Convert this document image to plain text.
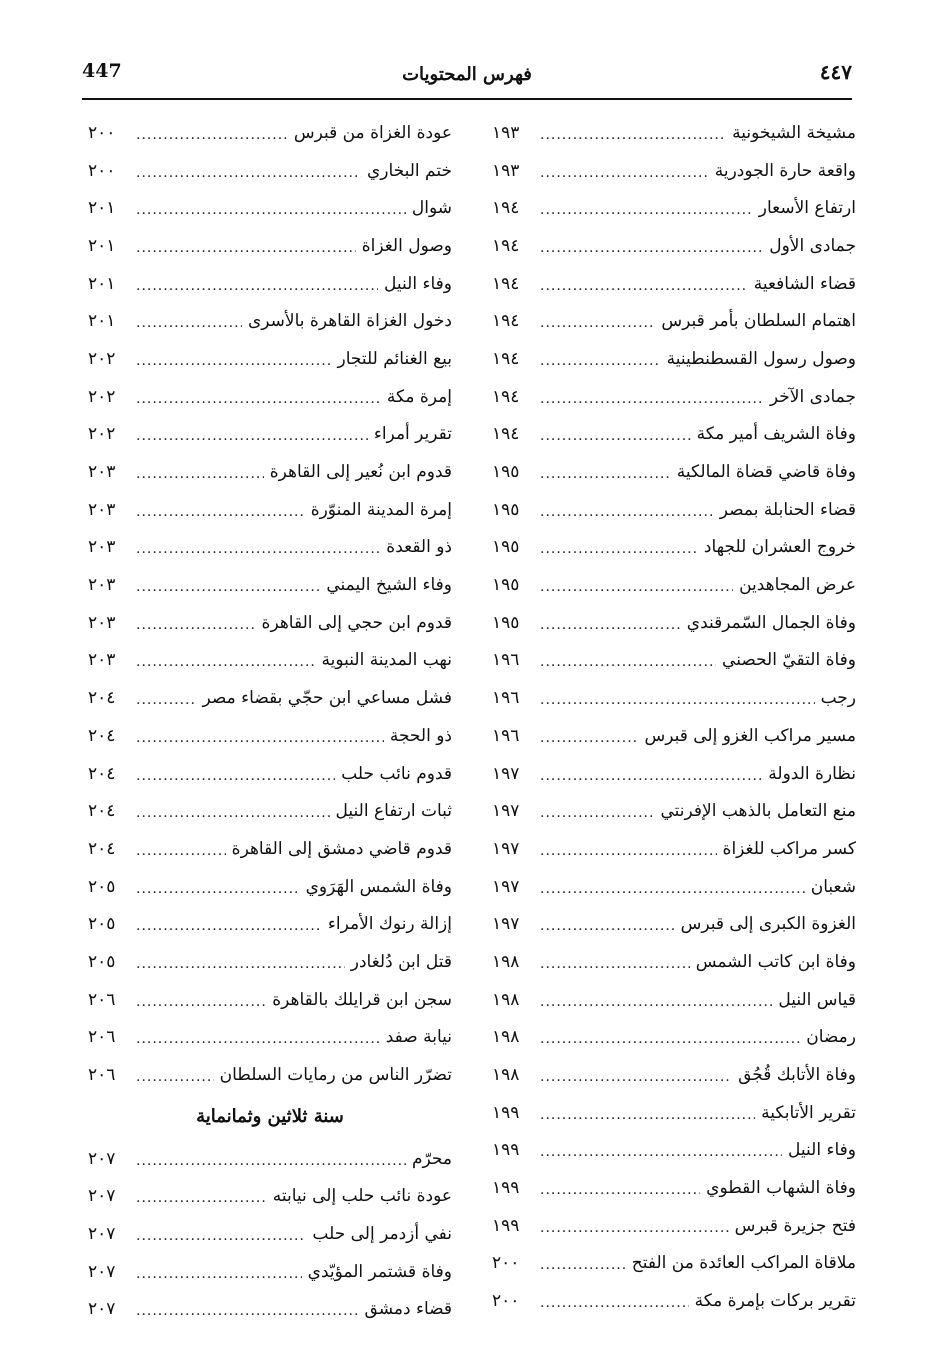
447	فهرس المحتويات	٤٤٧
مشيخة الشيخونية
.....
١٩٣
واقعة حارة الجودرية
.....
١٩٣
ارتفاع الأسعار
.....
١٩٤
جمادى الأول
.....
١٩٤
قضاء الشافعية
.....
١٩٤
اهتمام السلطان بأمر قبرس
.....
١٩٤
وصول رسول القسطنطينية
.....
١٩٤
جمادى الآخر
.....
١٩٤
وفاة الشريف أمير مكة
.....
١٩٤
وفاة قاضي قضاة المالكية
.....
١٩٥
قضاء الحنابلة بمصر
.....
١٩٥
خروج العشران للجهاد
.....
١٩٥
عرض المجاهدين
.....
١٩٥
وفاة الجمال السّمرقندي
.....
١٩٥
وفاة التقيّ الحصني
.....
١٩٦
رجب
.....
١٩٦
مسير مراكب الغزو إلى قبرس
.....
١٩٦
نظارة الدولة
.....
١٩٧
منع التعامل بالذهب الإفرنتي
.....
١٩٧
كسر مراكب للغزاة
.....
١٩٧
شعبان
.....
١٩٧
الغزوة الكبرى إلى قبرس
.....
١٩٧
وفاة ابن كاتب الشمس
.....
١٩٨
قياس النيل
.....
١٩٨
رمضان
.....
١٩٨
وفاة الأتابك قُجُق
.....
١٩٨
تقرير الأتابكية
.....
١٩٩
وفاء النيل
.....
١٩٩
وفاة الشهاب القطوي
.....
١٩٩
فتح جزيرة قبرس
.....
١٩٩
ملاقاة المراكب العائدة من الفتح
.....
٢٠٠
تقرير بركات بإمرة مكة
.....
٢٠٠
عودة الغزاة من قبرس
.....
٢٠٠
ختم البخاري
.....
٢٠٠
شوال
.....
٢٠١
وصول الغزاة
.....
٢٠١
وفاء النيل
.....
٢٠١
دخول الغزاة القاهرة بالأسرى
.....
٢٠١
بيع الغنائم للتجار
.....
٢٠٢
إمرة مكة
.....
٢٠٢
تقرير أمراء
.....
٢٠٢
قدوم ابن نُعير إلى القاهرة
.....
٢٠٣
إمرة المدينة المنوّرة
.....
٢٠٣
ذو القعدة
.....
٢٠٣
وفاء الشيخ اليمني
.....
٢٠٣
قدوم ابن حجي إلى القاهرة
.....
٢٠٣
نهب المدينة النبوية
.....
٢٠٣
فشل مساعي ابن حجّي بقضاء مصر
.....
٢٠٤
ذو الحجة
.....
٢٠٤
قدوم نائب حلب
.....
٢٠٤
ثبات ارتفاع النيل
.....
٢٠٤
قدوم قاضي دمشق إلى القاهرة
.....
٢٠٤
وفاة الشمس الهَرَوي
.....
٢٠٥
إزالة رنوك الأمراء
.....
٢٠٥
قتل ابن دُلغادر
.....
٢٠٥
سجن ابن قرايلك بالقاهرة
.....
٢٠٦
نيابة صفد
.....
٢٠٦
تضرّر الناس من رمايات السلطان
.....
٢٠٦
سنة ثلاثين وثمانماية
محرّم
.....
٢٠٧
عودة نائب حلب إلى نيابته
.....
٢٠٧
نفي أزدمر إلى حلب
.....
٢٠٧
وفاة قشتمر المؤيّدي
.....
٢٠٧
قضاء دمشق
.....
٢٠٧
